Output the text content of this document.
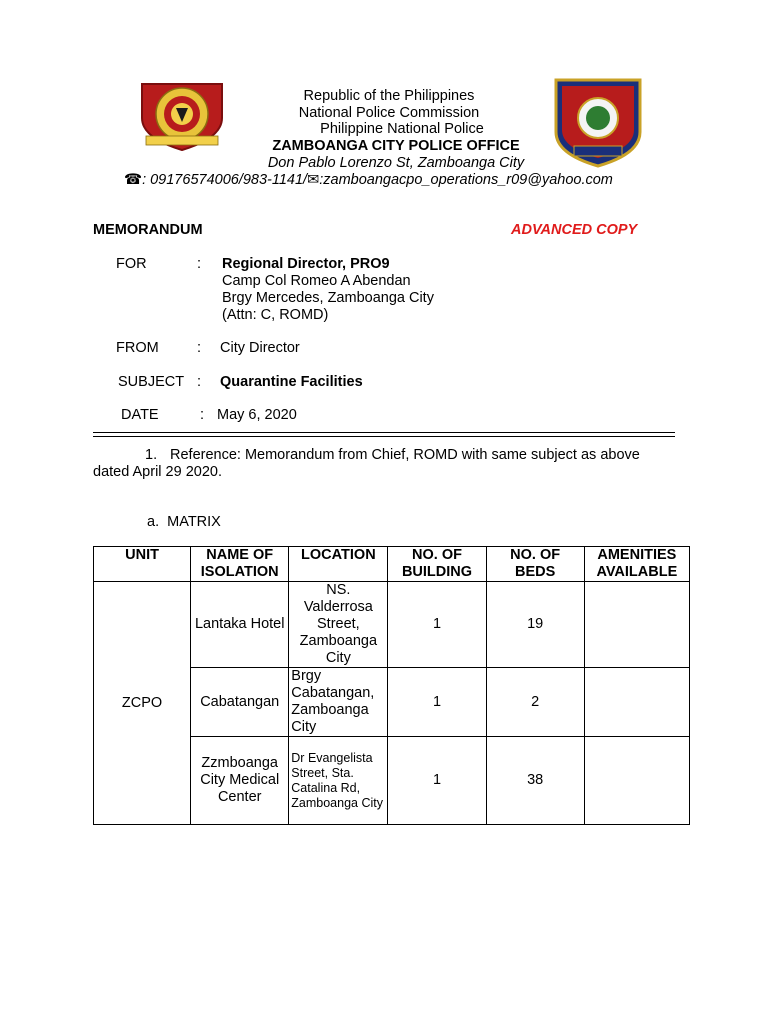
Republic of the Philippines
National Police Commission
Philippine National Police
ZAMBOANGA CITY POLICE OFFICE
Don Pablo Lorenzo St, Zamboanga City
☎: 09176574006/983-1141/✉:zamboangacpo_operations_r09@yahoo.com
MEMORANDUM	ADVANCED COPY
FOR	: Regional Director, PRO9
Camp Col Romeo A Abendan
Brgy Mercedes, Zamboanga City
(Attn: C, ROMD)
FROM	: City Director
SUBJECT : Quarantine Facilities
DATE	: May 6, 2020
1. Reference: Memorandum from Chief, ROMD with same subject as above
dated April 29 2020.
a.  MATRIX
UNIT	NAME OF ISOLATION	LOCATION	NO. OF BUILDING	NO. OF BEDS	AMENITIES AVAILABLE
ZCPO	Lantaka Hotel	NS. Valderrosa Street, Zamboanga City	1	19	
	Cabatangan	Brgy Cabatangan, Zamboanga City	1	2	
	Zzmboanga City Medical Center	Dr Evangelista Street, Sta. Catalina Rd, Zamboanga City	1	38	
